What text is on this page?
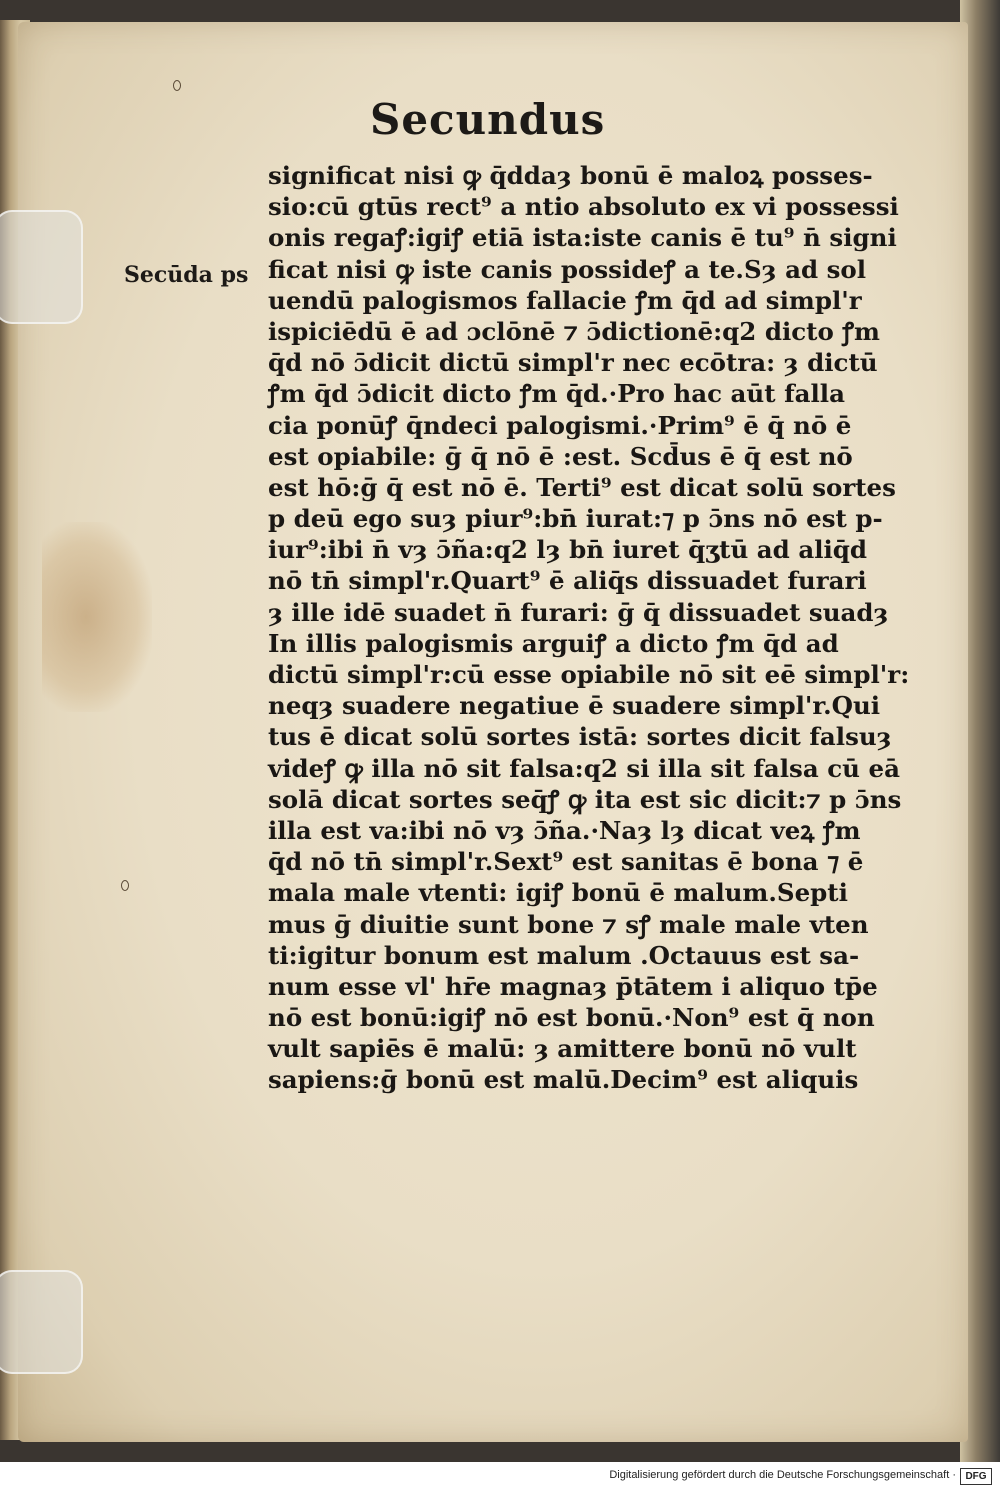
Secundus
Secūda ps
significat nisi ꝙ q̄ddaȝ bonū ē maloꝝ posses-
sio:cū gtūs rect⁹ a ntio absoluto ex vi possessi
onis regaꝭ:igiꝭ etiā ista:iste canis ē tu⁹ n̄ signi
ficat nisi ꝙ iste canis possideꝭ a te.Sȝ ad sol
uendū palogismos fallacie ꝭm q̄d ad simpl'r
ispiciēdū ē ad ɔclōnē ⁊ ɔ̄dictionē:q2 dicto ꝭm
q̄d nō ɔ̄dicit dictū simpl'r nec ecōtra: ȝ dictū
ꝭm q̄d ɔ̄dicit dicto ꝭm q̄d.·Pro hac aūt falla
cia ponūꝭ q̄ndeci palogismi.·Prim⁹ ē q̄ nō ē
est opiabile: ḡ q̄ nō ē :est. Scd̄us ē q̄ est nō
est hō:ḡ q̄ est nō ē. Terti⁹ est dicat solū sortes
p deū ego suȝ piur⁹:bn̄ iurat:⁊ p ɔ̄ns nō est p-
iur⁹:ibi n̄ vȝ ɔ̄ña:q2 lȝ bn̄ iuret q̄ʒtū ad aliq̄d
nō tn̄ simpl'r.Quart⁹ ē aliq̄s dissuadet furari
ȝ ille idē suadet n̄ furari: ḡ q̄ dissuadet suadȝ
In illis palogismis arguiꝭ a dicto ꝭm q̄d ad
dictū simpl'r:cū esse opiabile nō sit eē simpl'r:
neqȝ suadere negatiue ē suadere simpl'r.Qui
tus ē dicat solū sortes istā: sortes dicit falsuȝ
videꝭ ꝙ illa nō sit falsa:q2 si illa sit falsa cū eā
solā dicat sortes seq̄ꝭ ꝙ ita est sic dicit:⁊ p ɔ̄ns
illa est va:ibi nō vȝ ɔ̄ña.·Naȝ lȝ dicat veꝝ ꝭm
q̄d nō tn̄ simpl'r.Sext⁹ est sanitas ē bona ⁊ ē
mala male vtenti: igiꝭ bonū ē malum.Septi
mus ḡ diuitie sunt bone ⁊ sꝭ male male vten
ti:igitur bonum est malum .Octauus est sa-
num esse vl' hr̄e magnaȝ p̄tātem i aliquo tp̄e
nō est bonū:igiꝭ nō est bonū.·Non⁹ est q̄ non
vult sapiēs ē malū: ȝ amittere bonū nō vult
sapiens:ḡ bonū est malū.Decim⁹ est aliquis
Digitalisierung gefördert durch die Deutsche Forschungsgemeinschaft · DFG
